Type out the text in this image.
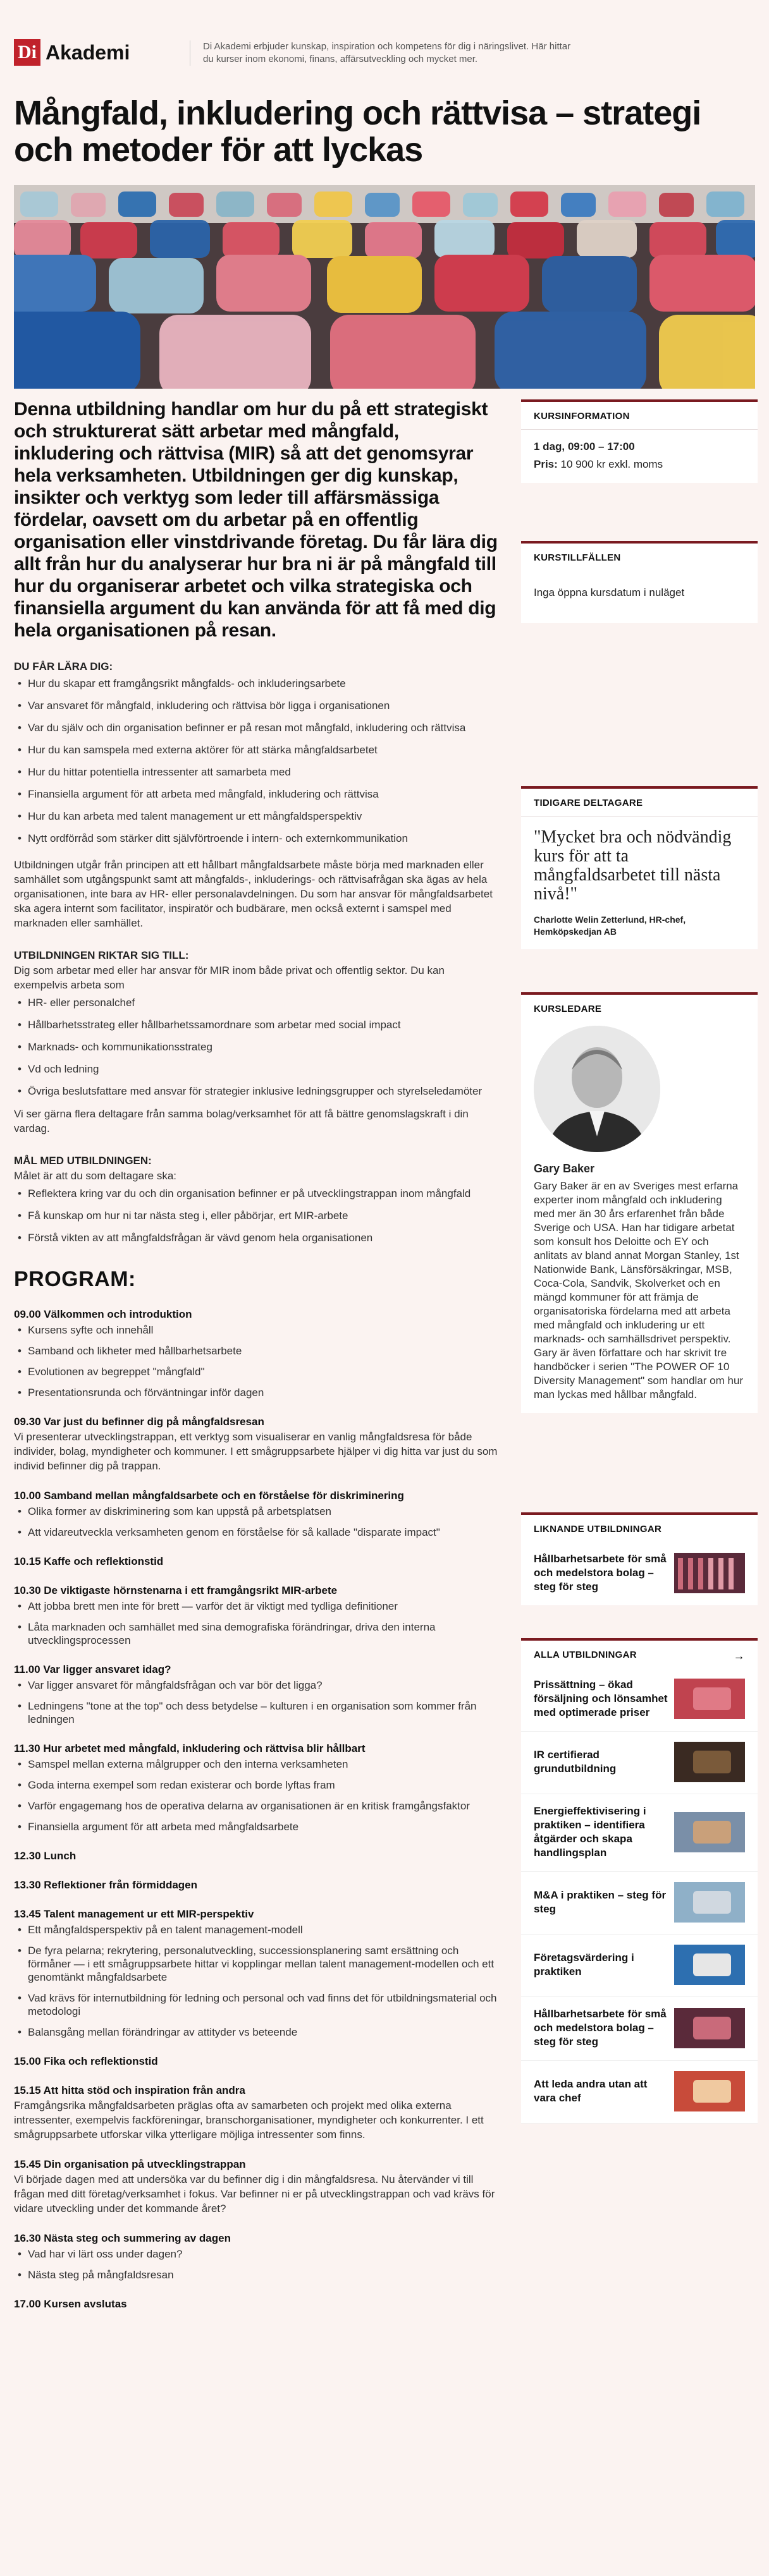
Di Akademi	Di Akademi erbjuder kunskap, inspiration och kompetens för dig i näringslivet. Här hittar du kurser inom ekonomi, finans, affärsutveckling och mycket mer.
Mångfald, inkludering och rättvisa – strategi och metoder för att lyckas

Denna utbildning handlar om hur du på ett strategiskt och strukturerat sätt arbetar med mångfald, inkludering och rättvisa (MIR) så att det genomsyrar hela verksamheten. Utbildningen ger dig kunskap, insikter och verktyg som leder till affärsmässiga fördelar, oavsett om du arbetar på en offentlig organisation eller vinstdrivande företag. Du får lära dig allt från hur du analyserar hur bra ni är på mångfald till hur du organiserar arbetet och vilka strategiska och finansiella argument du kan använda för att få med dig hela organisationen på resan.

DU FÅR LÄRA DIG:
• Hur du skapar ett framgångsrikt mångfalds- och inkluderingsarbete
• Var ansvaret för mångfald, inkludering och rättvisa bör ligga i organisationen
• Var du själv och din organisation befinner er på resan mot mångfald, inkludering och rättvisa
• Hur du kan samspela med externa aktörer för att stärka mångfaldsarbetet
• Hur du hittar potentiella intressenter att samarbeta med
• Finansiella argument för att arbeta med mångfald, inkludering och rättvisa
• Hur du kan arbeta med talent management ur ett mångfaldsperspektiv
• Nytt ordförråd som stärker ditt självförtroende i intern- och externkommunikation

Utbildningen utgår från principen att ett hållbart mångfaldsarbete måste börja med marknaden eller samhället som utgångspunkt samt att mångfalds-, inkluderings- och rättvisafrågan ska ägas av hela organisationen, inte bara av HR- eller personalavdelningen. Du som har ansvar för mångfaldsarbetet ska agera internt som facilitator, inspiratör och budbärare, men också externt i samspel med marknaden eller samhället.

UTBILDNINGEN RIKTAR SIG TILL:

Dig som arbetar med eller har ansvar för MIR inom både privat och offentlig sektor. Du kan exempelvis arbeta som

• HR- eller personalchef
• Hållbarhetsstrateg eller hållbarhetssamordnare som arbetar med social impact
• Marknads- och kommunikationsstrateg
• Vd och ledning
• Övriga beslutsfattare med ansvar för strategier inklusive ledningsgrupper och styrelseledamöter

Vi ser gärna flera deltagare från samma bolag/verksamhet för att få bättre genomslagskraft i din vardag.

MÅL MED UTBILDNINGEN:

Målet är att du som deltagare ska:

• Reflektera kring var du och din organisation befinner er på utvecklingstrappan inom mångfald
• Få kunskap om hur ni tar nästa steg i, eller påbörjar, ert MIR-arbete
• Förstå vikten av att mångfaldsfrågan är vävd genom hela organisationen
PROGRAM:
09.00 Välkommen och introduktion
• Kursens syfte och innehåll
• Samband och likheter med hållbarhetsarbete
• Evolutionen av begreppet "mångfald"
• Presentationsrunda och förväntningar inför dagen
09.30 Var just du befinner dig på mångfaldsresan

Vi presenterar utvecklingstrappan, ett verktyg som visualiserar en vanlig mångfaldsresa för både individer, bolag, myndigheter och kommuner. I ett smågruppsarbete hjälper vi dig hitta var just du som individ befinner dig på trappan.

10.00 Samband mellan mångfaldsarbete och en förståelse för diskriminering
• Olika former av diskriminering som kan uppstå på arbetsplatsen
• Att vidareutveckla verksamheten genom en förståelse för så kallade "disparate impact"
10.15 Kaffe och reflektionstid
10.30 De viktigaste hörnstenarna i ett framgångsrikt MIR-arbete
• Att jobba brett men inte för brett — varför det är viktigt med tydliga definitioner
• Låta marknaden och samhället med sina demografiska förändringar, driva den interna utvecklingsprocessen
11.00 Var ligger ansvaret idag?
• Var ligger ansvaret för mångfaldsfrågan och var bör det ligga?
• Ledningens "tone at the top" och dess betydelse – kulturen i en organisation som kommer från ledningen
11.30 Hur arbetet med mångfald, inkludering och rättvisa blir hållbart
• Samspel mellan externa målgrupper och den interna verksamheten
• Goda interna exempel som redan existerar och borde lyftas fram
• Varför engagemang hos de operativa delarna av organisationen är en kritisk framgångsfaktor
• Finansiella argument för att arbeta med mångfaldsarbete
12.30 Lunch
13.30 Reflektioner från förmiddagen
13.45 Talent management ur ett MIR-perspektiv
• Ett mångfaldsperspektiv på en talent management-modell
• De fyra pelarna; rekrytering, personalutveckling, successionsplanering samt ersättning och förmåner — i ett smågruppsarbete hittar vi kopplingar mellan talent management-modellen och ett genomtänkt mångfaldsarbete
• Vad krävs för internutbildning för ledning och personal och vad finns det för utbildningsmaterial och metodologi
• Balansgång mellan förändringar av attityder vs beteende
15.00 Fika och reflektionstid
15.15 Att hitta stöd och inspiration från andra

Framgångsrika mångfaldsarbeten präglas ofta av samarbeten och projekt med olika externa intressenter, exempelvis fackföreningar, branschorganisationer, myndigheter och konkurrenter. I ett smågruppsarbete utforskar vilka ytterligare möjliga intressenter som finns.

15.45 Din organisation på utvecklingstrappan

Vi började dagen med att undersöka var du befinner dig i din mångfaldsresa. Nu återvänder vi till frågan med ditt företag/verksamhet i fokus. Var befinner ni er på utvecklingstrappan och vad krävs för vidare utveckling under det kommande året?

16.30 Nästa steg och summering av dagen
• Vad har vi lärt oss under dagen?
• Nästa steg på mångfaldsresan
17.00 Kursen avslutas
KURSINFORMATION
1 dag, 09:00 – 17:00
Pris: 10 900 kr exkl. moms
KURSTILLFÄLLEN
Inga öppna kursdatum i nuläget
TIDIGARE DELTAGARE
"Mycket bra och nödvändig kurs för att ta mångfaldsarbetet till nästa nivå!"
Charlotte Welin Zetterlund, HR-chef, Hemköpskedjan AB
KURSLEDARE
Gary Baker
Gary Baker är en av Sveriges mest erfarna experter inom mångfald och inkludering med mer än 30 års erfarenhet från både Sverige och USA. Han har tidigare arbetat som konsult hos Deloitte och EY och anlitats av bland annat Morgan Stanley, 1st Nationwide Bank, Länsförsäkringar, MSB, Coca-Cola, Sandvik, Skolverket och en mängd kommuner för att främja de organisatoriska fördelarna med att arbeta med mångfald och inkludering ur ett marknads- och samhällsdrivet perspektiv. Gary är även författare och har skrivit tre handböcker i serien "The POWER OF 10 Diversity Management" som handlar om hur man lyckas med hållbar mångfald.
LIKNANDE UTBILDNINGAR
Hållbarhetsarbete för små och medelstora bolag – steg för steg
ALLA UTBILDNINGAR	→
Prissättning – ökad försäljning och lönsamhet med optimerade priser
IR certifierad grundutbildning
Energieffektivisering i praktiken – identifiera åtgärder och skapa handlingsplan
M&A i praktiken – steg för steg
Företagsvärdering i praktiken
Hållbarhetsarbete för små och medelstora bolag – steg för steg
Att leda andra utan att vara chef
